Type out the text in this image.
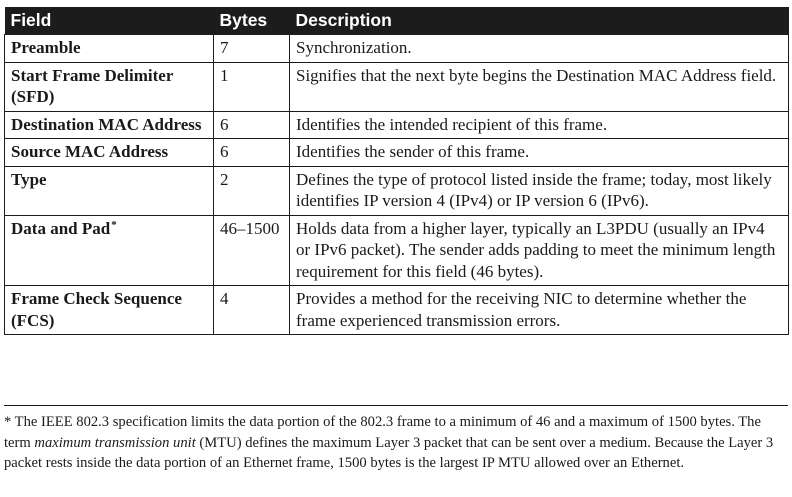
Field	Bytes	Description
Preamble	7	Synchronization.
Start Frame Delimiter (SFD)	1	Signifies that the next byte begins the Destination MAC Address field.
Destination MAC Address	6	Identifies the intended recipient of this frame.
Source MAC Address	6	Identifies the sender of this frame.
Type	2	Defines the type of protocol listed inside the frame; today, most likely identifies IP version 4 (IPv4) or IP version 6 (IPv6).
Data and Pad*	46–1500	Holds data from a higher layer, typically an L3PDU (usually an IPv4 or IPv6 packet). The sender adds padding to meet the minimum length requirement for this field (46 bytes).
Frame Check Sequence (FCS)	4	Provides a method for the receiving NIC to determine whether the frame experienced transmission errors.
* The IEEE 802.3 specification limits the data portion of the 802.3 frame to a minimum of 46 and a maximum of 1500 bytes. The term maximum transmission unit (MTU) defines the maximum Layer 3 packet that can be sent over a medium. Because the Layer 3 packet rests inside the data portion of an Ethernet frame, 1500 bytes is the largest IP MTU allowed over an Ethernet.
